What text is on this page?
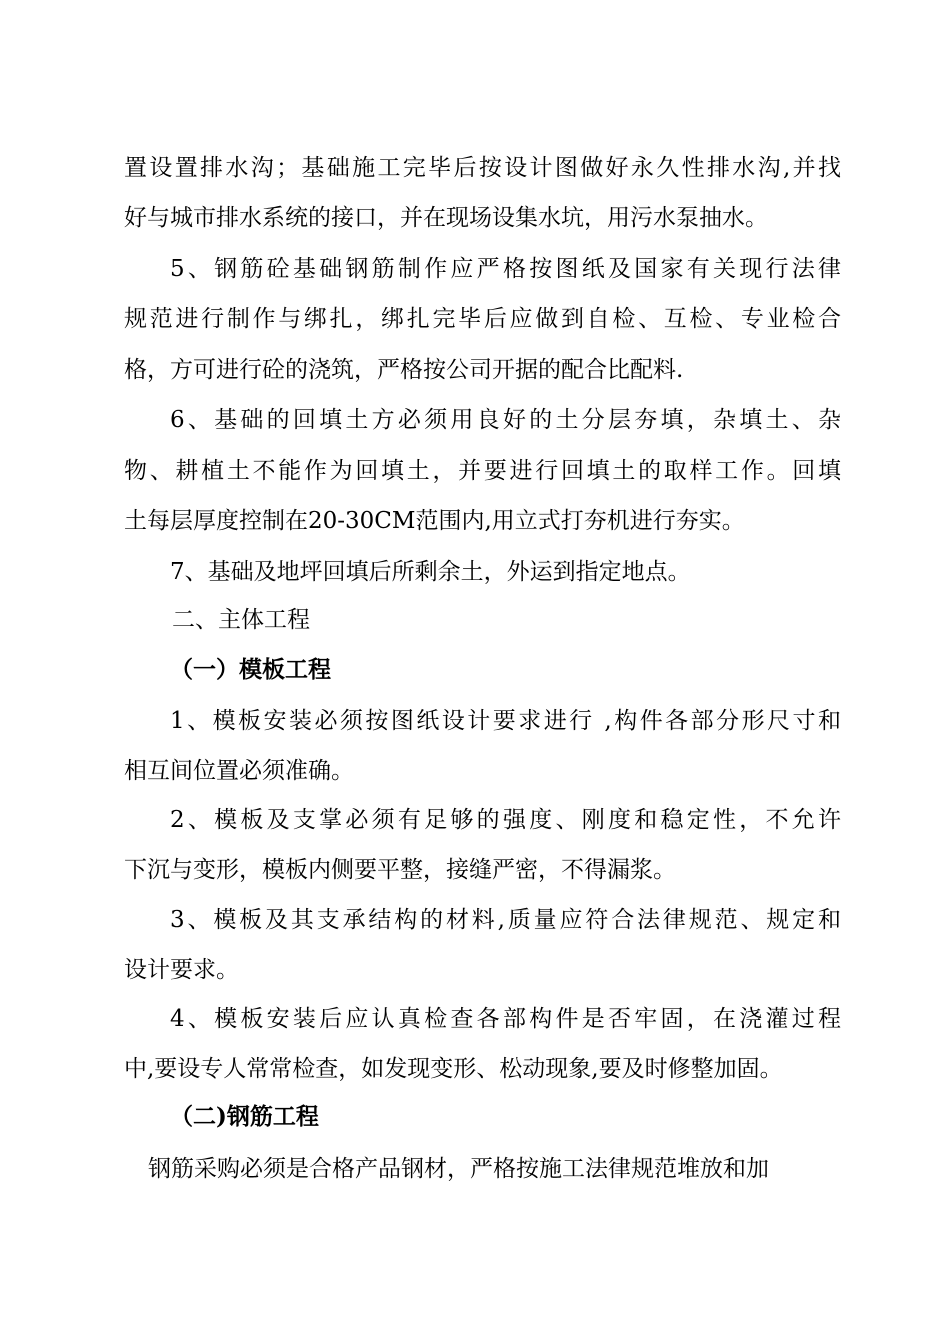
置设置排水沟；基础施工完毕后按设计图做好永久性排水沟,并找
好与城市排水系统的接口，并在现场设集水坑，用污水泵抽水。
5、钢筋砼基础钢筋制作应严格按图纸及国家有关现行法律
规范进行制作与绑扎，绑扎完毕后应做到自检、互检、专业检合
格，方可进行砼的浇筑，严格按公司开据的配合比配料.
6、基础的回填土方必须用良好的土分层夯填，杂填土、杂
物、耕植土不能作为回填土，并要进行回填土的取样工作。回填
土每层厚度控制在20-30CM范围内,用立式打夯机进行夯实。
7、基础及地坪回填后所剩余土，外运到指定地点。
二、主体工程
（一）模板工程
1、模板安装必须按图纸设计要求进行 ,构件各部分形尺寸和
相互间位置必须准确。
2、模板及支掌必须有足够的强度、刚度和稳定性，不允许
下沉与变形，模板内侧要平整，接缝严密，不得漏浆。
3、模板及其支承结构的材料,质量应符合法律规范、规定和
设计要求。
4、模板安装后应认真检查各部构件是否牢固，在浇灌过程
中,要设专人常常检查，如发现变形、松动现象,要及时修整加固。
（二)钢筋工程
钢筋采购必须是合格产品钢材，严格按施工法律规范堆放和加
